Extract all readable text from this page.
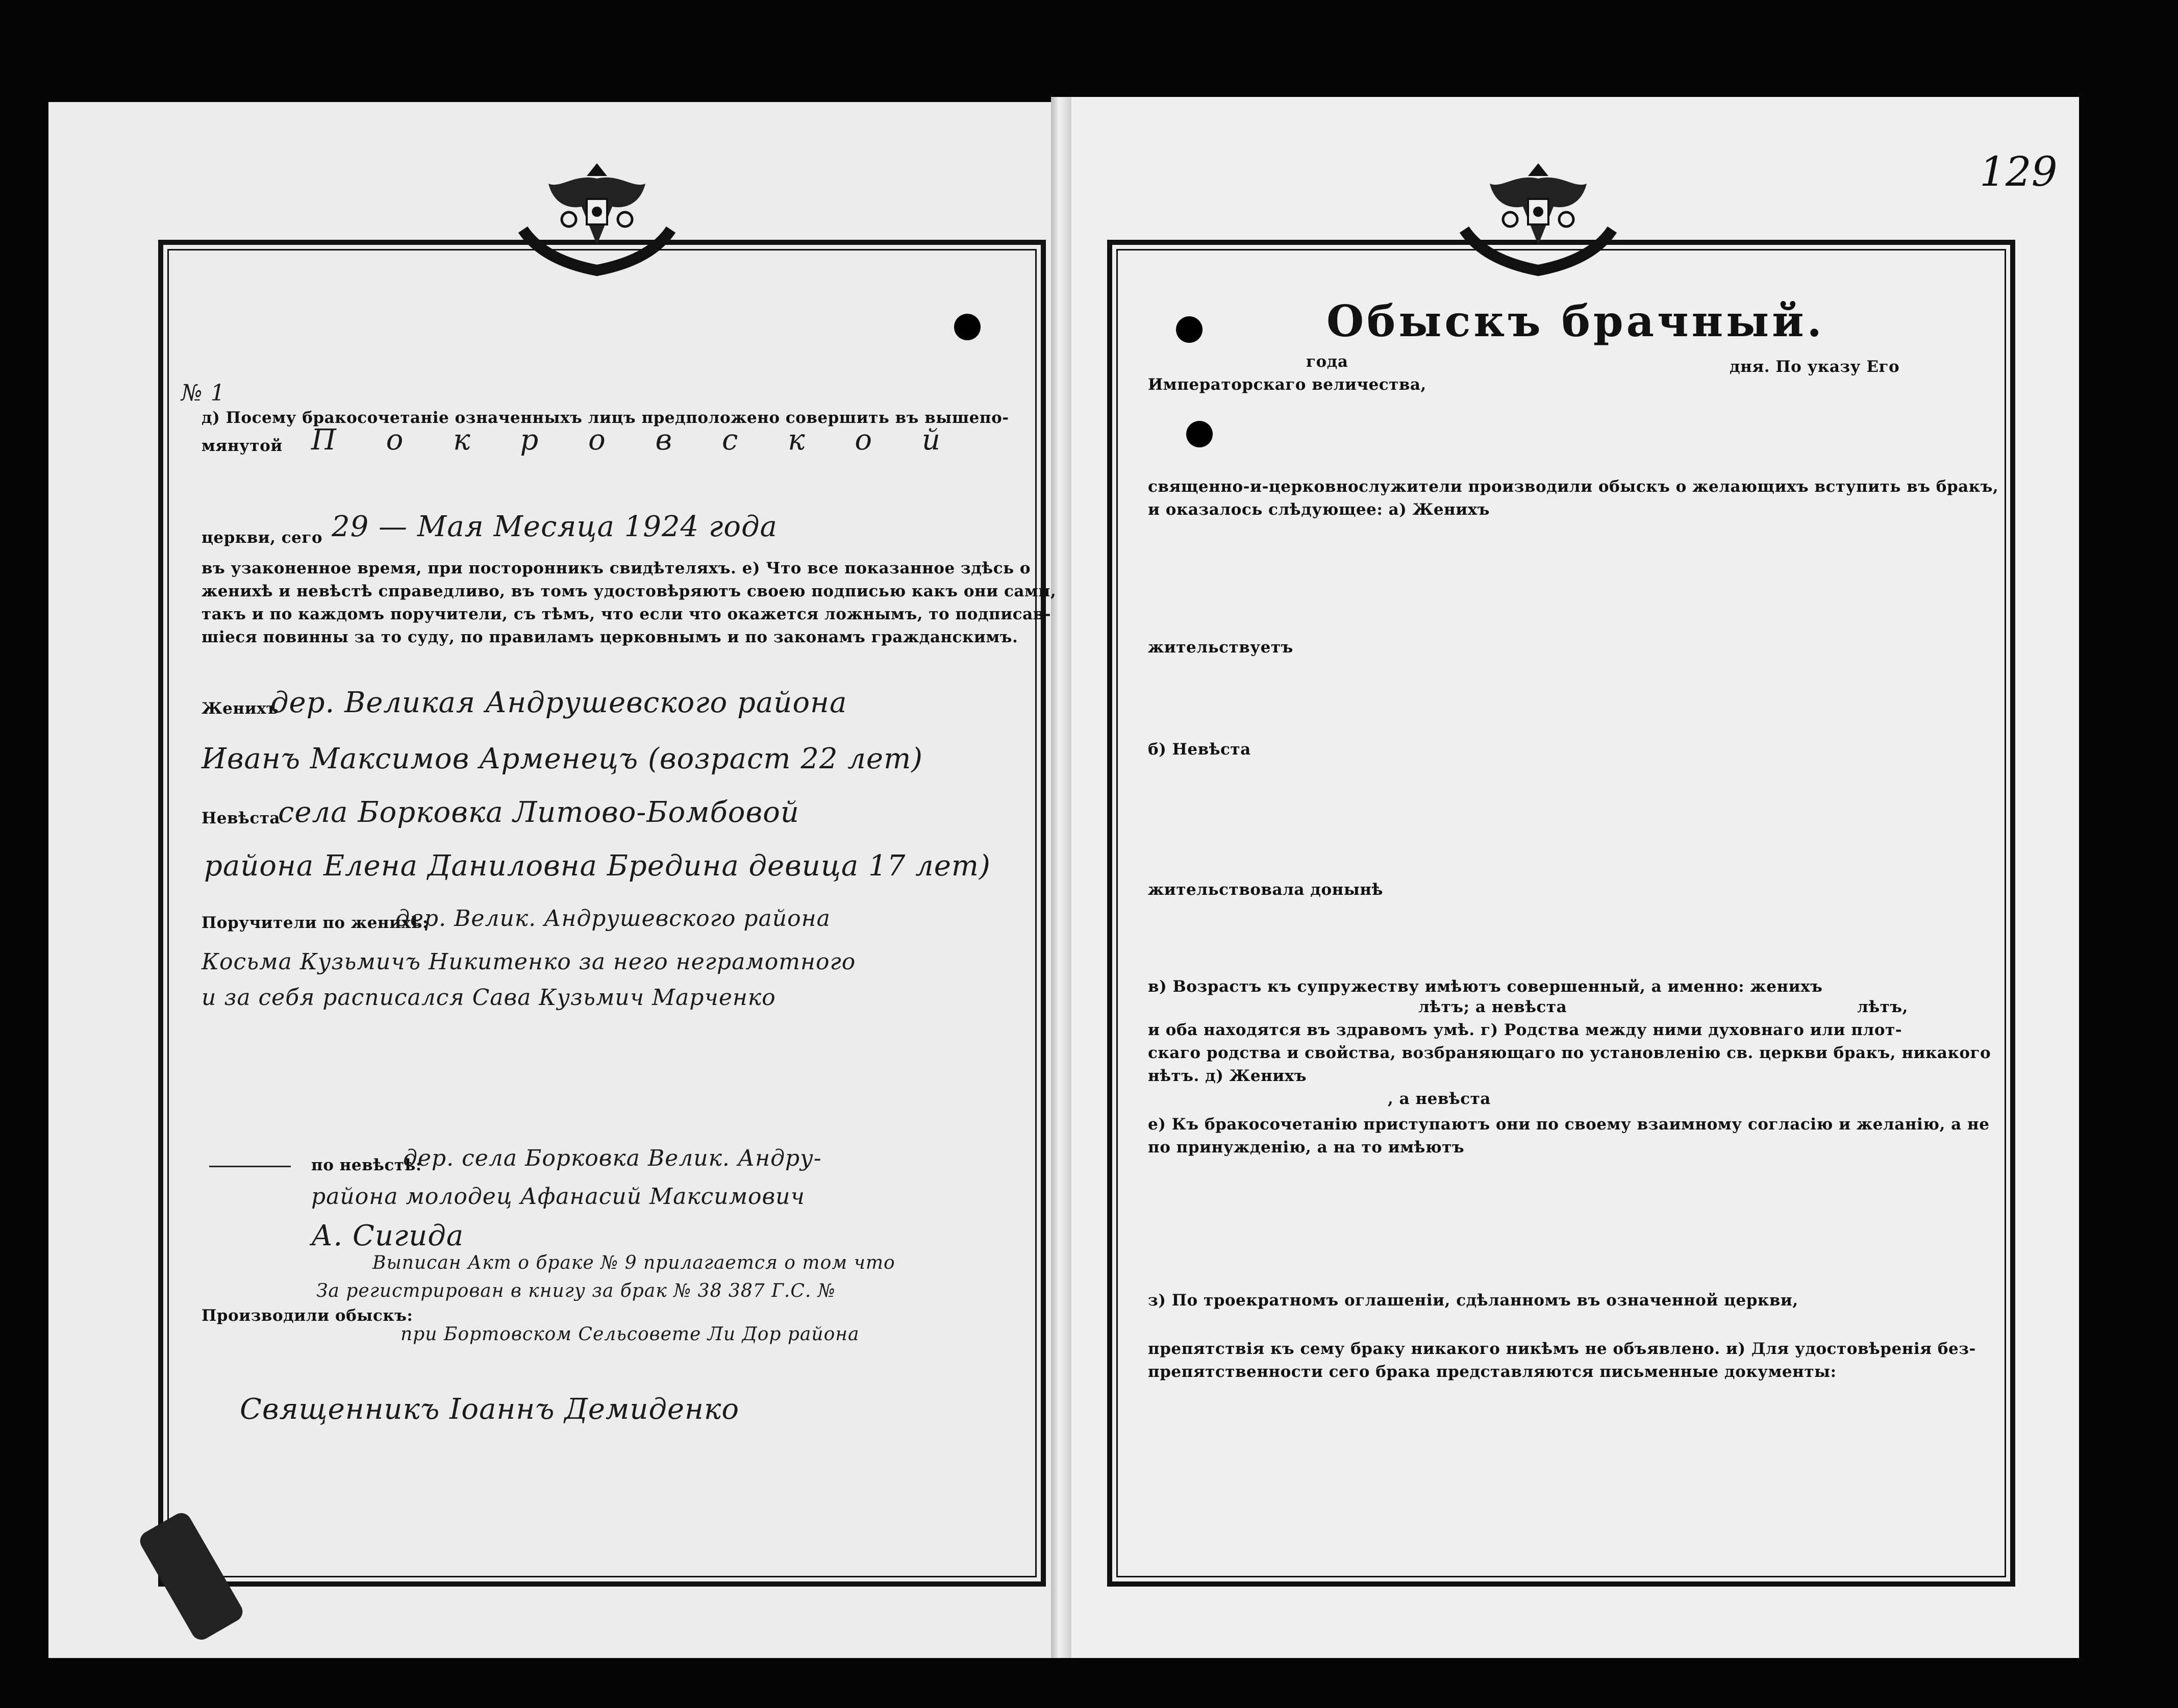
129
№ 1
д) Посему бракосочетаніе означенныхъ лицъ предположено совершить въ вышепо-
мянутой П о к р о в с к о й
церкви, сего 29 — Мая Месяца 1924 года
въ узаконенное время, при посторонникъ свидѣтеляхъ. е) Что все показанное здѣсь о
женихѣ и невѣстѣ справедливо, въ томъ удостовѣряютъ своею подписью какъ они сами,
такъ и по каждомъ поручители, съ тѣмъ, что если что окажется ложнымъ, то подписав-
шіеся повинны за то суду, по правиламъ церковнымъ и по законамъ гражданскимъ.
Женихъ
дер. Великая Андрушевского района
Иванъ Максимов Арменецъ (возраст 22 лет)
Невѣста
села Борковка Литово-Бомбовой
района Елена Даниловна Бредина девица 17 лет)
Поручители по женихѣ:
дер. Велик. Андрушевского района
Косьма Кузьмичъ Никитенко за него неграмотного
и за себя расписался Сава Кузьмич Марченко
по невѣстѣ:
дер. села Борковка Велик. Андру-
района молодец Афанасий Максимович
А. Сигида
Выписан Акт о браке № 9 прилагается о том что
За регистрирован в книгу за брак № 38 387 Г.С. №
Производили обыскъ:
при Бортовском Сельсовете Ли Дор района
Священникъ Іоаннъ Демиденко
Обыскъ брачный.
года
Императорскаго величества,
дня. По указу Его
священно-и-церковнослужители производили обыскъ о желающихъ вступить въ бракъ,
и оказалось слѣдующее: а) Женихъ
жительствуетъ
б) Невѣста
жительствовала донынѣ
в) Возрастъ къ супружеству имѣютъ совершенный, а именно: женихъ
лѣтъ; а невѣста	лѣтъ,
и оба находятся въ здравомъ умѣ. г) Родства между ними духовнаго или плот-
скаго родства и свойства, возбраняющаго по установленію св. церкви бракъ, никакого
нѣтъ. д) Женихъ
, а невѣста
е) Къ бракосочетанію приступаютъ они по своему взаимному согласію и желанію, а не
по принужденію, а на то имѣютъ
з) По троекратномъ оглашеніи, сдѣланномъ въ означенной церкви,
препятствія къ сему браку никакого никѣмъ не объявлено. и) Для удостовѣренія без-
препятственности сего брака представляются письменные документы:
